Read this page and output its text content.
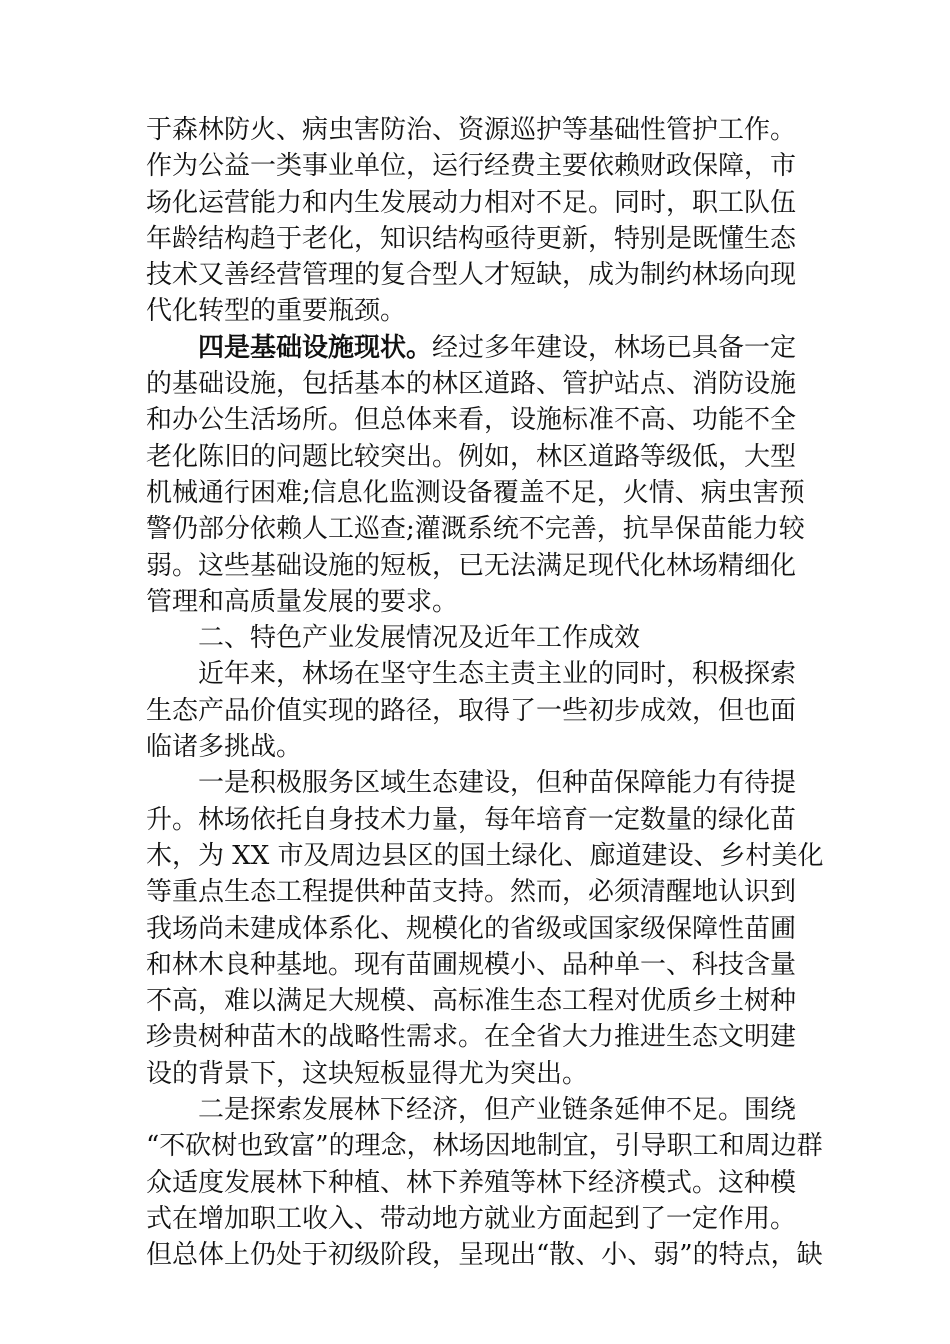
于森林防火、病虫害防治、资源巡护等基础性管护工作。
作为公益一类事业单位，运行经费主要依赖财政保障，市
场化运营能力和内生发展动力相对不足。同时，职工队伍
年龄结构趋于老化，知识结构亟待更新，特别是既懂生态
技术又善经营管理的复合型人才短缺，成为制约林场向现
代化转型的重要瓶颈。
四是基础设施现状。经过多年建设，林场已具备一定
的基础设施，包括基本的林区道路、管护站点、消防设施
和办公生活场所。但总体来看，设施标准不高、功能不全
老化陈旧的问题比较突出。例如，林区道路等级低，大型
机械通行困难;信息化监测设备覆盖不足，火情、病虫害预
警仍部分依赖人工巡查;灌溉系统不完善，抗旱保苗能力较
弱。这些基础设施的短板，已无法满足现代化林场精细化
管理和高质量发展的要求。
二、特色产业发展情况及近年工作成效
近年来，林场在坚守生态主责主业的同时，积极探索
生态产品价值实现的路径，取得了一些初步成效，但也面
临诸多挑战。
一是积极服务区域生态建设，但种苗保障能力有待提
升。林场依托自身技术力量，每年培育一定数量的绿化苗
木，为 XX 市及周边县区的国土绿化、廊道建设、乡村美化
等重点生态工程提供种苗支持。然而，必须清醒地认识到
我场尚未建成体系化、规模化的省级或国家级保障性苗圃
和林木良种基地。现有苗圃规模小、品种单一、科技含量
不高，难以满足大规模、高标准生态工程对优质乡土树种
珍贵树种苗木的战略性需求。在全省大力推进生态文明建
设的背景下，这块短板显得尤为突出。
二是探索发展林下经济，但产业链条延伸不足。围绕
“不砍树也致富”的理念，林场因地制宜，引导职工和周边群
众适度发展林下种植、林下养殖等林下经济模式。这种模
式在增加职工收入、带动地方就业方面起到了一定作用。
但总体上仍处于初级阶段，呈现出“散、小、弱”的特点，缺
